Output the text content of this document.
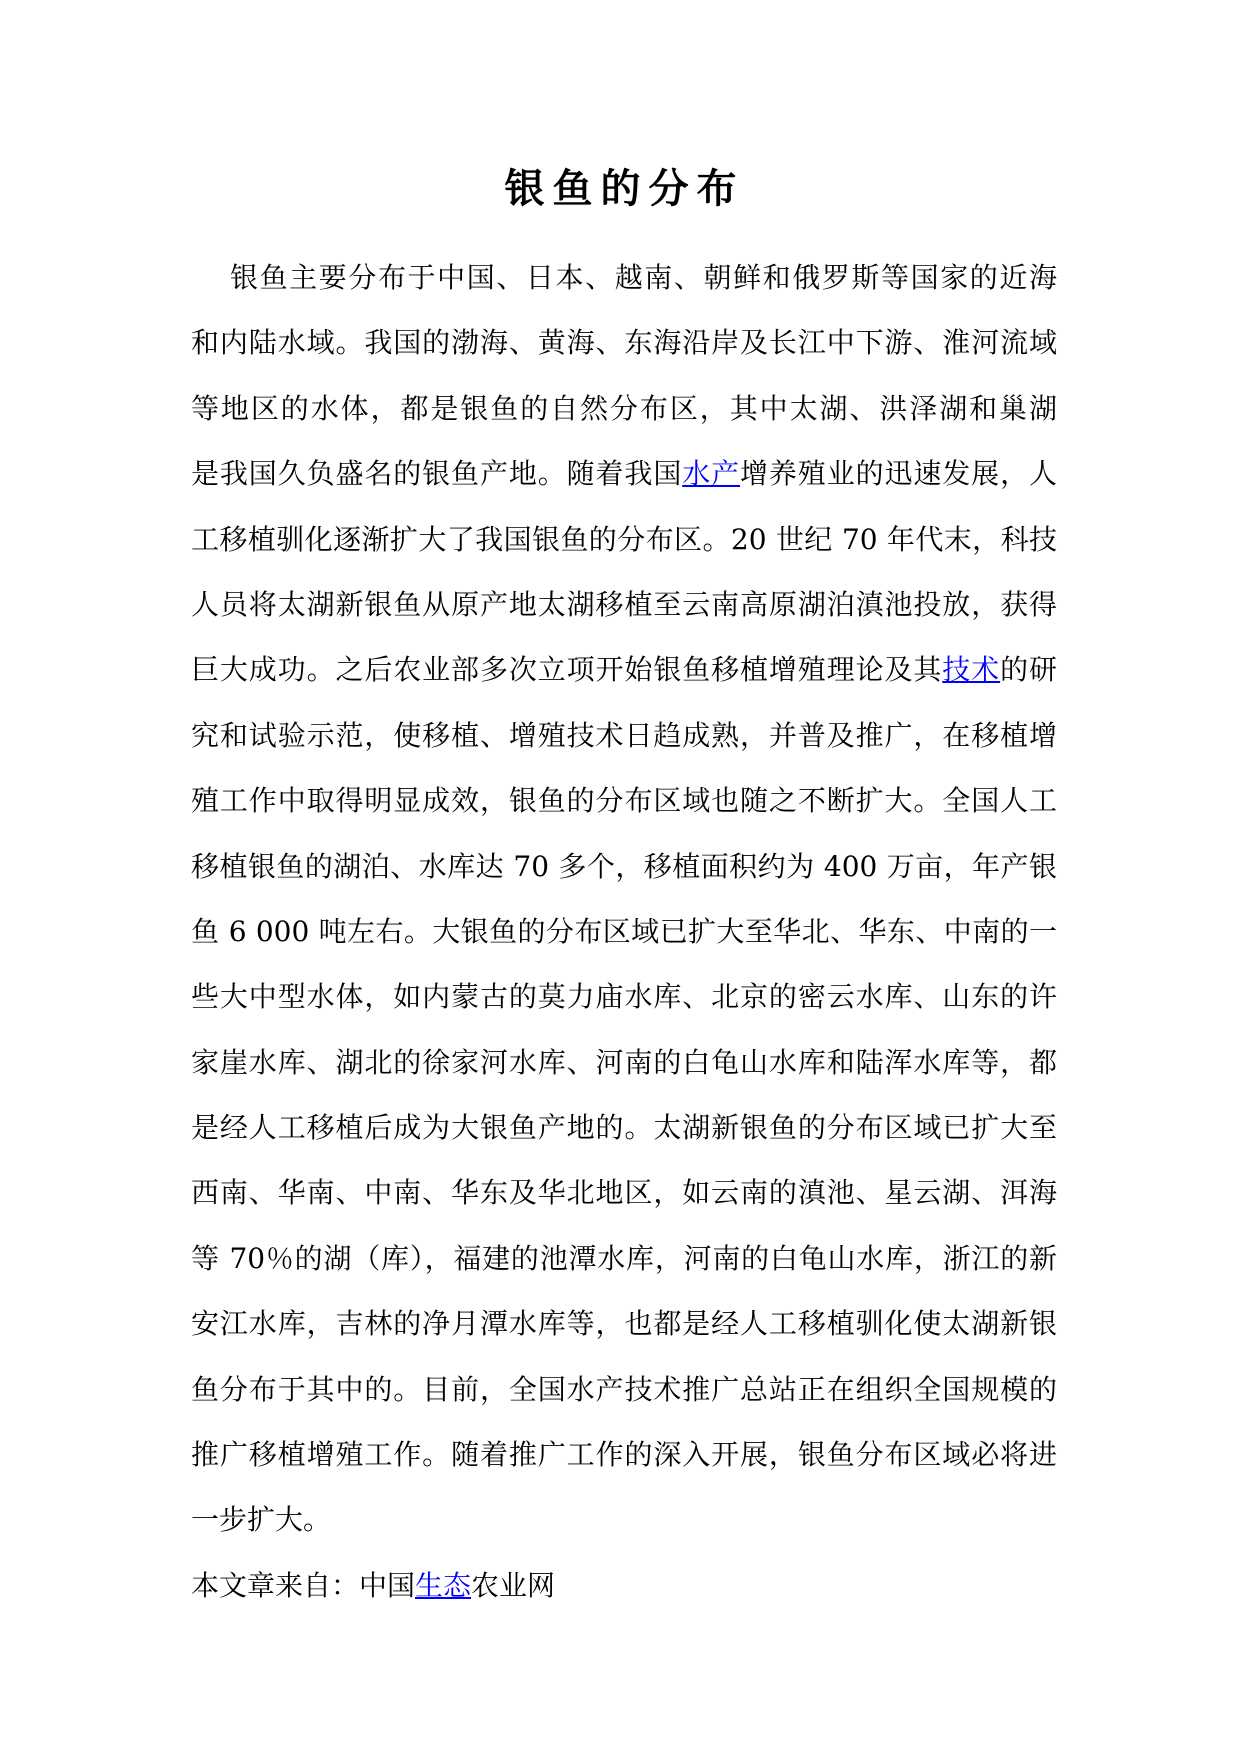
银鱼的分布
银鱼主要分布于中国、日本、越南、朝鲜和俄罗斯等国家的近海
和内陆水域。我国的渤海、黄海、东海沿岸及长江中下游、淮河流域
等地区的水体，都是银鱼的自然分布区，其中太湖、洪泽湖和巢湖
是我国久负盛名的银鱼产地。随着我国水产增养殖业的迅速发展，人
工移植驯化逐渐扩大了我国银鱼的分布区。20 世纪 70 年代末，科技
人员将太湖新银鱼从原产地太湖移植至云南高原湖泊滇池投放，获得
巨大成功。之后农业部多次立项开始银鱼移植增殖理论及其技术的研
究和试验示范，使移植、增殖技术日趋成熟，并普及推广，在移植增
殖工作中取得明显成效，银鱼的分布区域也随之不断扩大。全国人工
移植银鱼的湖泊、水库达 70 多个，移植面积约为 400 万亩，年产银
鱼 6 000 吨左右。大银鱼的分布区域已扩大至华北、华东、中南的一
些大中型水体，如内蒙古的莫力庙水库、北京的密云水库、山东的许
家崖水库、湖北的徐家河水库、河南的白龟山水库和陆浑水库等，都
是经人工移植后成为大银鱼产地的。太湖新银鱼的分布区域已扩大至
西南、华南、中南、华东及华北地区，如云南的滇池、星云湖、洱海
等 70％的湖（库），福建的池潭水库，河南的白龟山水库，浙江的新
安江水库，吉林的净月潭水库等，也都是经人工移植驯化使太湖新银
鱼分布于其中的。目前，全国水产技术推广总站正在组织全国规模的
推广移植增殖工作。随着推广工作的深入开展，银鱼分布区域必将进
一步扩大。
本文章来自：中国生态农业网
